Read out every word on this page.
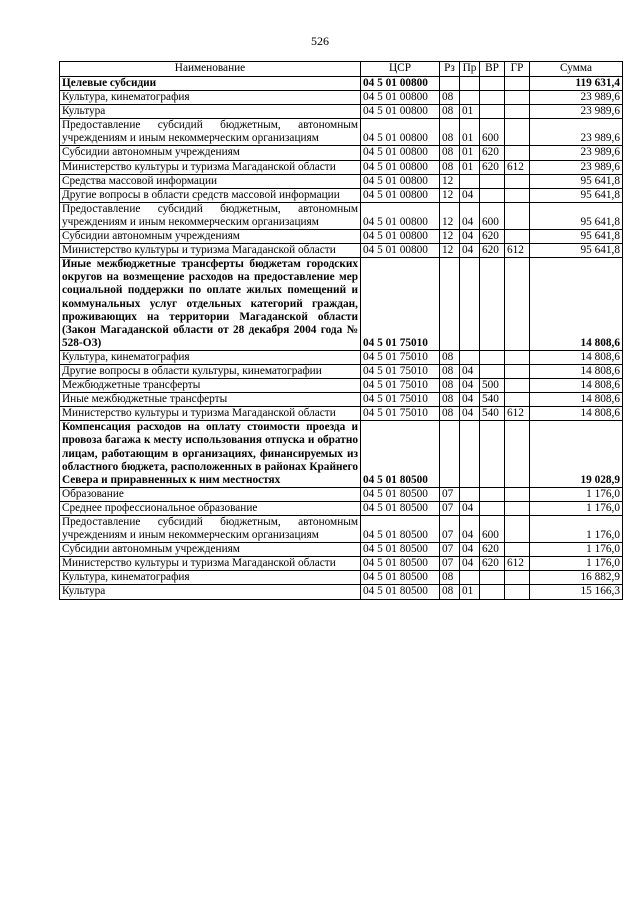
526
Наименование	ЦСР	Рз	Пр	ВР	ГР	Сумма
Целевые субсидии	04 5 01 00800					119 631,4
Культура, кинематография	04 5 01 00800	08				23 989,6
Культура	04 5 01 00800	08	01			23 989,6
Предоставление субсидий бюджетным, автономным учреждениям и иным некоммерческим организациям	04 5 01 00800	08	01	600		23 989,6
Субсидии автономным учреждениям	04 5 01 00800	08	01	620		23 989,6
Министерство культуры и туризма Магаданской области	04 5 01 00800	08	01	620	612	23 989,6
Средства массовой информации	04 5 01 00800	12				95 641,8
Другие вопросы в области средств массовой информации	04 5 01 00800	12	04			95 641,8
Предоставление субсидий бюджетным, автономным учреждениям и иным некоммерческим организациям	04 5 01 00800	12	04	600		95 641,8
Субсидии автономным учреждениям	04 5 01 00800	12	04	620		95 641,8
Министерство культуры и туризма Магаданской области	04 5 01 00800	12	04	620	612	95 641,8
Иные межбюджетные трансферты бюджетам городских округов на возмещение расходов на предоставление мер социальной поддержки по оплате жилых помещений и коммунальных услуг отдельных категорий граждан, проживающих на территории Магаданской области (Закон Магаданской области от 28 декабря 2004 года № 528-ОЗ)	04 5 01 75010					14 808,6
Культура, кинематография	04 5 01 75010	08				14 808,6
Другие вопросы в области культуры, кинематографии	04 5 01 75010	08	04			14 808,6
Межбюджетные трансферты	04 5 01 75010	08	04	500		14 808,6
Иные межбюджетные трансферты	04 5 01 75010	08	04	540		14 808,6
Министерство культуры и туризма Магаданской области	04 5 01 75010	08	04	540	612	14 808,6
Компенсация расходов на оплату стоимости проезда и провоза багажа к месту использования отпуска и обратно лицам, работающим в организациях, финансируемых из областного бюджета, расположенных в районах Крайнего Севера и приравненных к ним местностях	04 5 01 80500					19 028,9
Образование	04 5 01 80500	07				1 176,0
Среднее профессиональное образование	04 5 01 80500	07	04			1 176,0
Предоставление субсидий бюджетным, автономным учреждениям и иным некоммерческим организациям	04 5 01 80500	07	04	600		1 176,0
Субсидии автономным учреждениям	04 5 01 80500	07	04	620		1 176,0
Министерство культуры и туризма Магаданской области	04 5 01 80500	07	04	620	612	1 176,0
Культура, кинематография	04 5 01 80500	08				16 882,9
Культура	04 5 01 80500	08	01			15 166,3
